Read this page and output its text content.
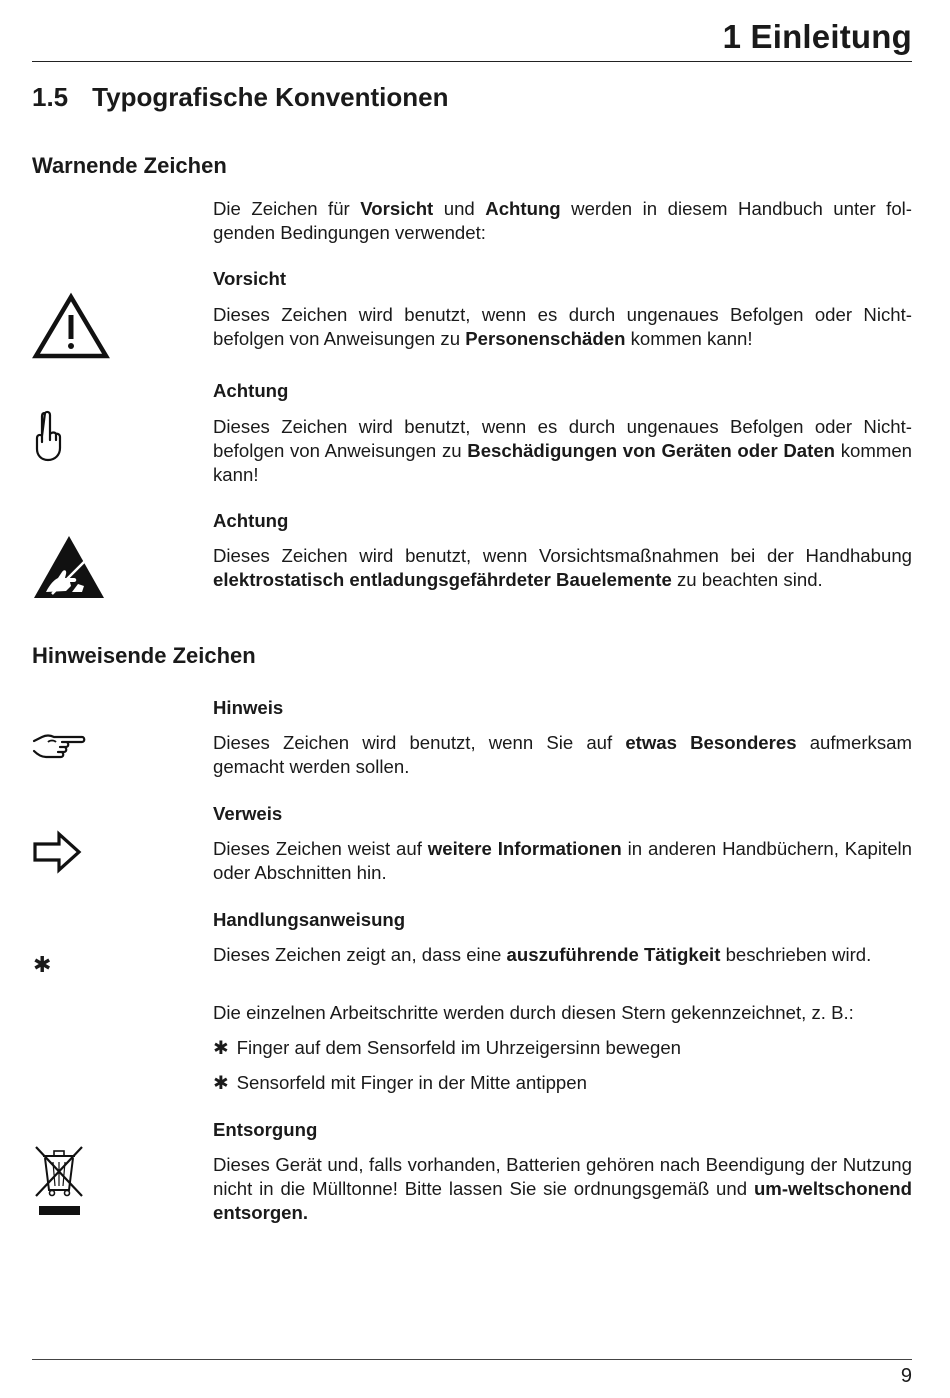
1 Einleitung
1.5 Typografische Konventionen
Warnende Zeichen
Die Zeichen für Vorsicht und Achtung werden in diesem Handbuch unter fol-genden Bedingungen verwendet:
Vorsicht
Dieses Zeichen wird benutzt, wenn es durch ungenaues Befolgen oder Nicht-befolgen von Anweisungen zu Personenschäden kommen kann!
Achtung
Dieses Zeichen wird benutzt, wenn es durch ungenaues Befolgen oder Nicht-befolgen von Anweisungen zu Beschädigungen von Geräten oder Daten kommen kann!
Achtung
Dieses Zeichen wird benutzt, wenn Vorsichtsmaßnahmen bei der Handhabung elektrostatisch entladungsgefährdeter Bauelemente zu beachten sind.
Hinweisende Zeichen
Hinweis
Dieses Zeichen wird benutzt, wenn Sie auf etwas Besonderes aufmerksam gemacht werden sollen.
Verweis
Dieses Zeichen weist auf weitere Informationen in anderen Handbüchern, Kapiteln oder Abschnitten hin.
Handlungsanweisung
✱	Dieses Zeichen zeigt an, dass eine auszuführende Tätigkeit beschrieben wird.
Die einzelnen Arbeitschritte werden durch diesen Stern gekennzeichnet, z. B.:
✱ Finger auf dem Sensorfeld im Uhrzeigersinn bewegen
✱ Sensorfeld mit Finger in der Mitte antippen
Entsorgung
Dieses Gerät und, falls vorhanden, Batterien gehören nach Beendigung der Nutzung nicht in die Mülltonne! Bitte lassen Sie sie ordnungsgemäß und um-weltschonend entsorgen.
9
